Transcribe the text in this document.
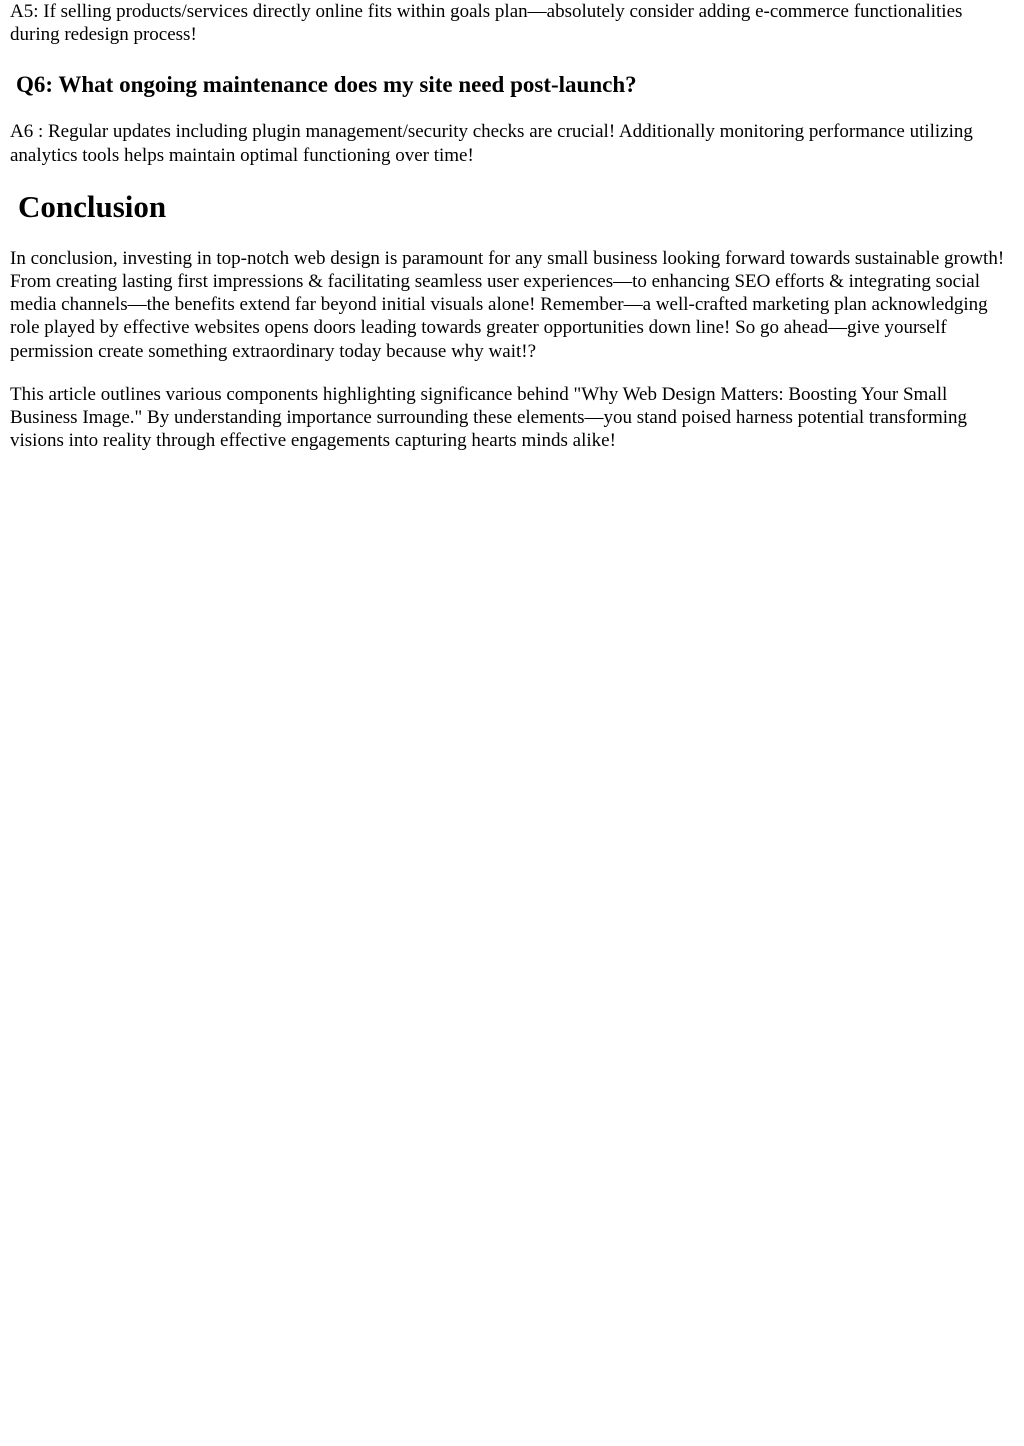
A5: If selling products/services directly online fits within goals plan—absolutely consider adding e-commerce functionalities during redesign process!

Q6: What ongoing maintenance does my site need post-launch?

A6 : Regular updates including plugin management/security checks are crucial! Additionally monitoring performance utilizing analytics tools helps maintain optimal functioning over time!

Conclusion

In conclusion, investing in top-notch web design is paramount for any small business looking forward towards sustainable growth! From creating lasting first impressions & facilitating seamless user experiences—to enhancing SEO efforts & integrating social media channels—the benefits extend far beyond initial visuals alone! Remember—a well-crafted marketing plan acknowledging role played by effective websites opens doors leading towards greater opportunities down line! So go ahead—give yourself permission create something extraordinary today because why wait!?

This article outlines various components highlighting significance behind "Why Web Design Matters: Boosting Your Small Business Image." By understanding importance surrounding these elements—you stand poised harness potential transforming visions into reality through effective engagements capturing hearts minds alike!
